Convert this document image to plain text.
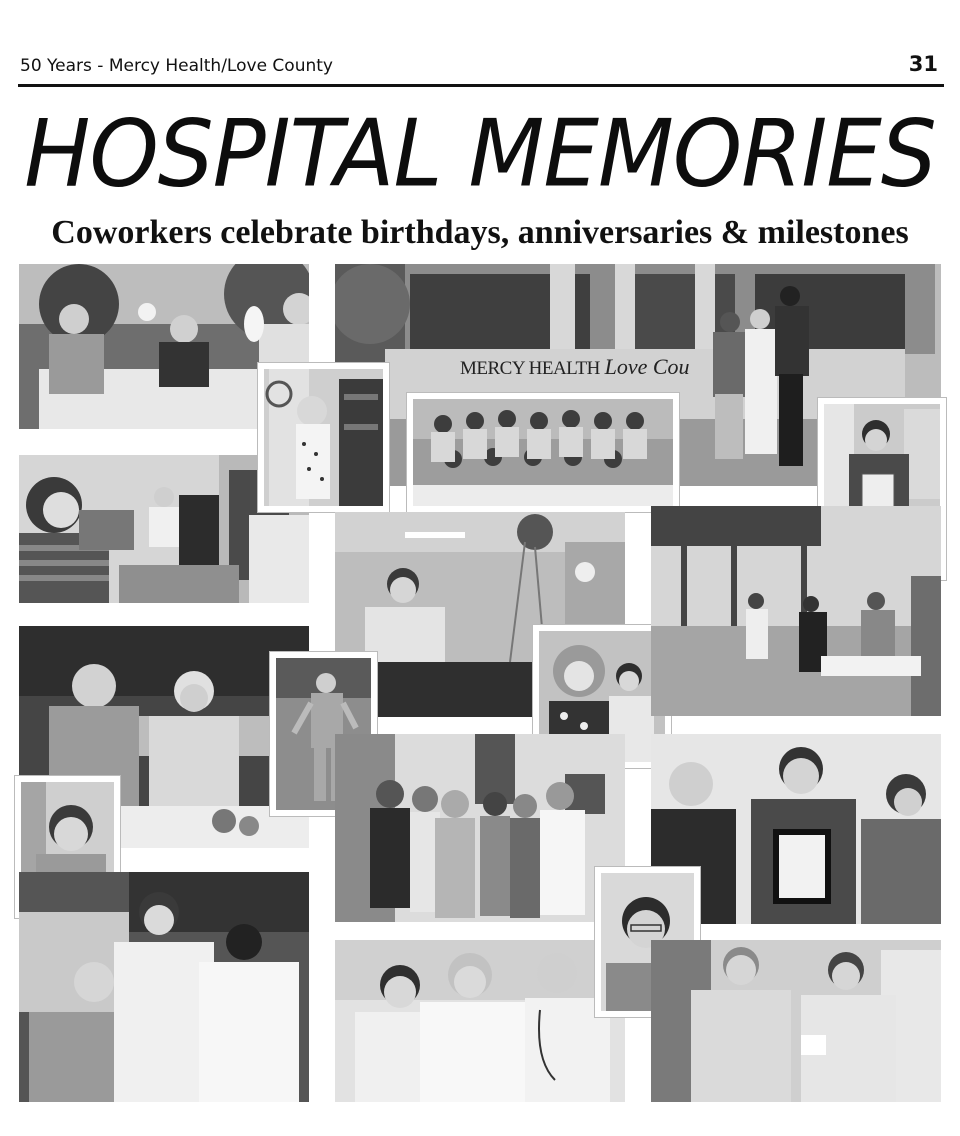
50 Years - Mercy Health/Love County	31
HOSPITAL MEMORIES
Coworkers celebrate birthdays, anniversaries & milestones
MERCY HEALTH Love Cou
